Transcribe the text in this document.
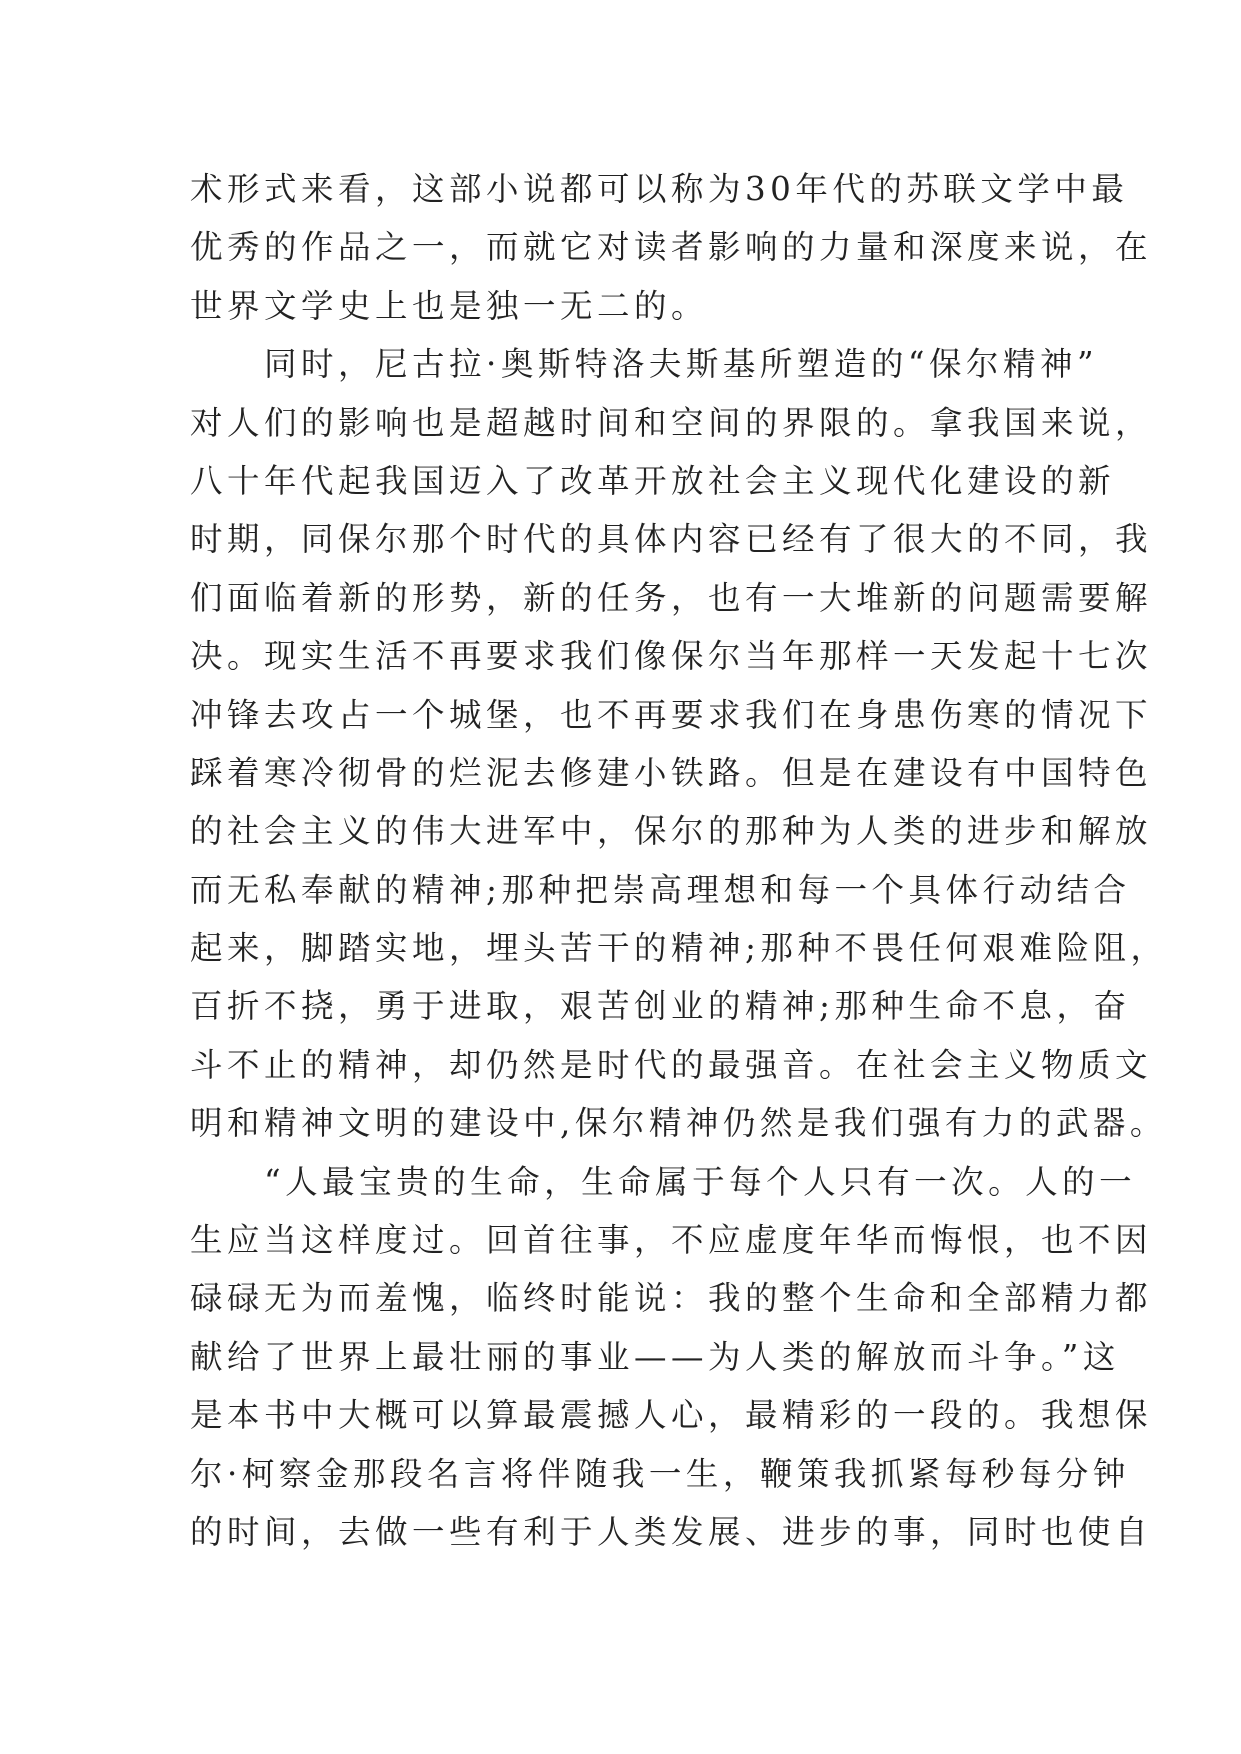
术形式来看，这部小说都可以称为30年代的苏联文学中最
优秀的作品之一，而就它对读者影响的力量和深度来说，在
世界文学史上也是独一无二的。
同时，尼古拉·奥斯特洛夫斯基所塑造的“保尔精神”
对人们的影响也是超越时间和空间的界限的。拿我国来说，
八十年代起我国迈入了改革开放社会主义现代化建设的新
时期，同保尔那个时代的具体内容已经有了很大的不同，我
们面临着新的形势，新的任务，也有一大堆新的问题需要解
决。现实生活不再要求我们像保尔当年那样一天发起十七次
冲锋去攻占一个城堡，也不再要求我们在身患伤寒的情况下
踩着寒冷彻骨的烂泥去修建小铁路。但是在建设有中国特色
的社会主义的伟大进军中，保尔的那种为人类的进步和解放
而无私奉献的精神;那种把崇高理想和每一个具体行动结合
起来，脚踏实地，埋头苦干的精神;那种不畏任何艰难险阻，
百折不挠，勇于进取，艰苦创业的精神;那种生命不息，奋
斗不止的精神，却仍然是时代的最强音。在社会主义物质文
明和精神文明的建设中,保尔精神仍然是我们强有力的武器。
“人最宝贵的生命，生命属于每个人只有一次。人的一
生应当这样度过。回首往事，不应虚度年华而悔恨，也不因
碌碌无为而羞愧，临终时能说：我的整个生命和全部精力都
献给了世界上最壮丽的事业——为人类的解放而斗争。”这
是本书中大概可以算最震撼人心，最精彩的一段的。我想保
尔·柯察金那段名言将伴随我一生，鞭策我抓紧每秒每分钟
的时间，去做一些有利于人类发展、进步的事，同时也使自
